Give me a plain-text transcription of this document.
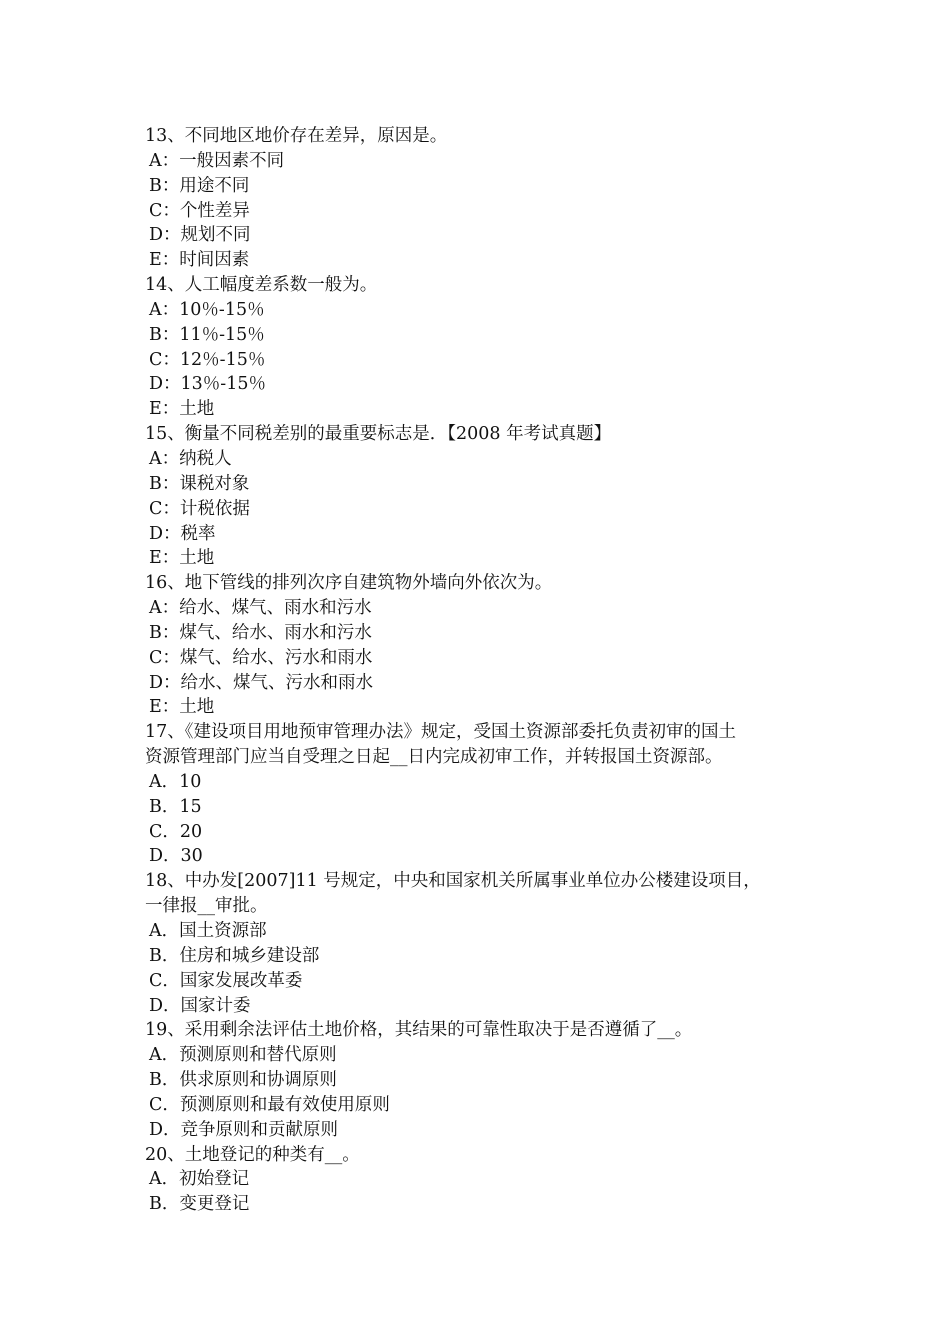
13、不同地区地价存在差异，原因是。
A：一般因素不同
B：用途不同
C：个性差异
D：规划不同
E：时间因素
14、人工幅度差系数一般为。
A：10％-15％
B：11％-15％
C：12％-15％
D：13％-15％
E：土地
15、衡量不同税差别的最重要标志是．【2008 年考试真题】
A：纳税人
B：课税对象
C：计税依据
D：税率
E：土地
16、地下管线的排列次序自建筑物外墙向外依次为。
A：给水、煤气、雨水和污水
B：煤气、给水、雨水和污水
C：煤气、给水、污水和雨水
D：给水、煤气、污水和雨水
E：土地
17、《建设项目用地预审管理办法》规定，受国土资源部委托负责初审的国土
资源管理部门应当自受理之日起__日内完成初审工作，并转报国土资源部。
A．10
B．15
C．20
D．30
18、中办发[2007]11 号规定，中央和国家机关所属事业单位办公楼建设项目，
一律报__审批。
A．国土资源部
B．住房和城乡建设部
C．国家发展改革委
D．国家计委
19、采用剩余法评估土地价格，其结果的可靠性取决于是否遵循了__。
A．预测原则和替代原则
B．供求原则和协调原则
C．预测原则和最有效使用原则
D．竞争原则和贡献原则
20、土地登记的种类有__。
A．初始登记
B．变更登记
